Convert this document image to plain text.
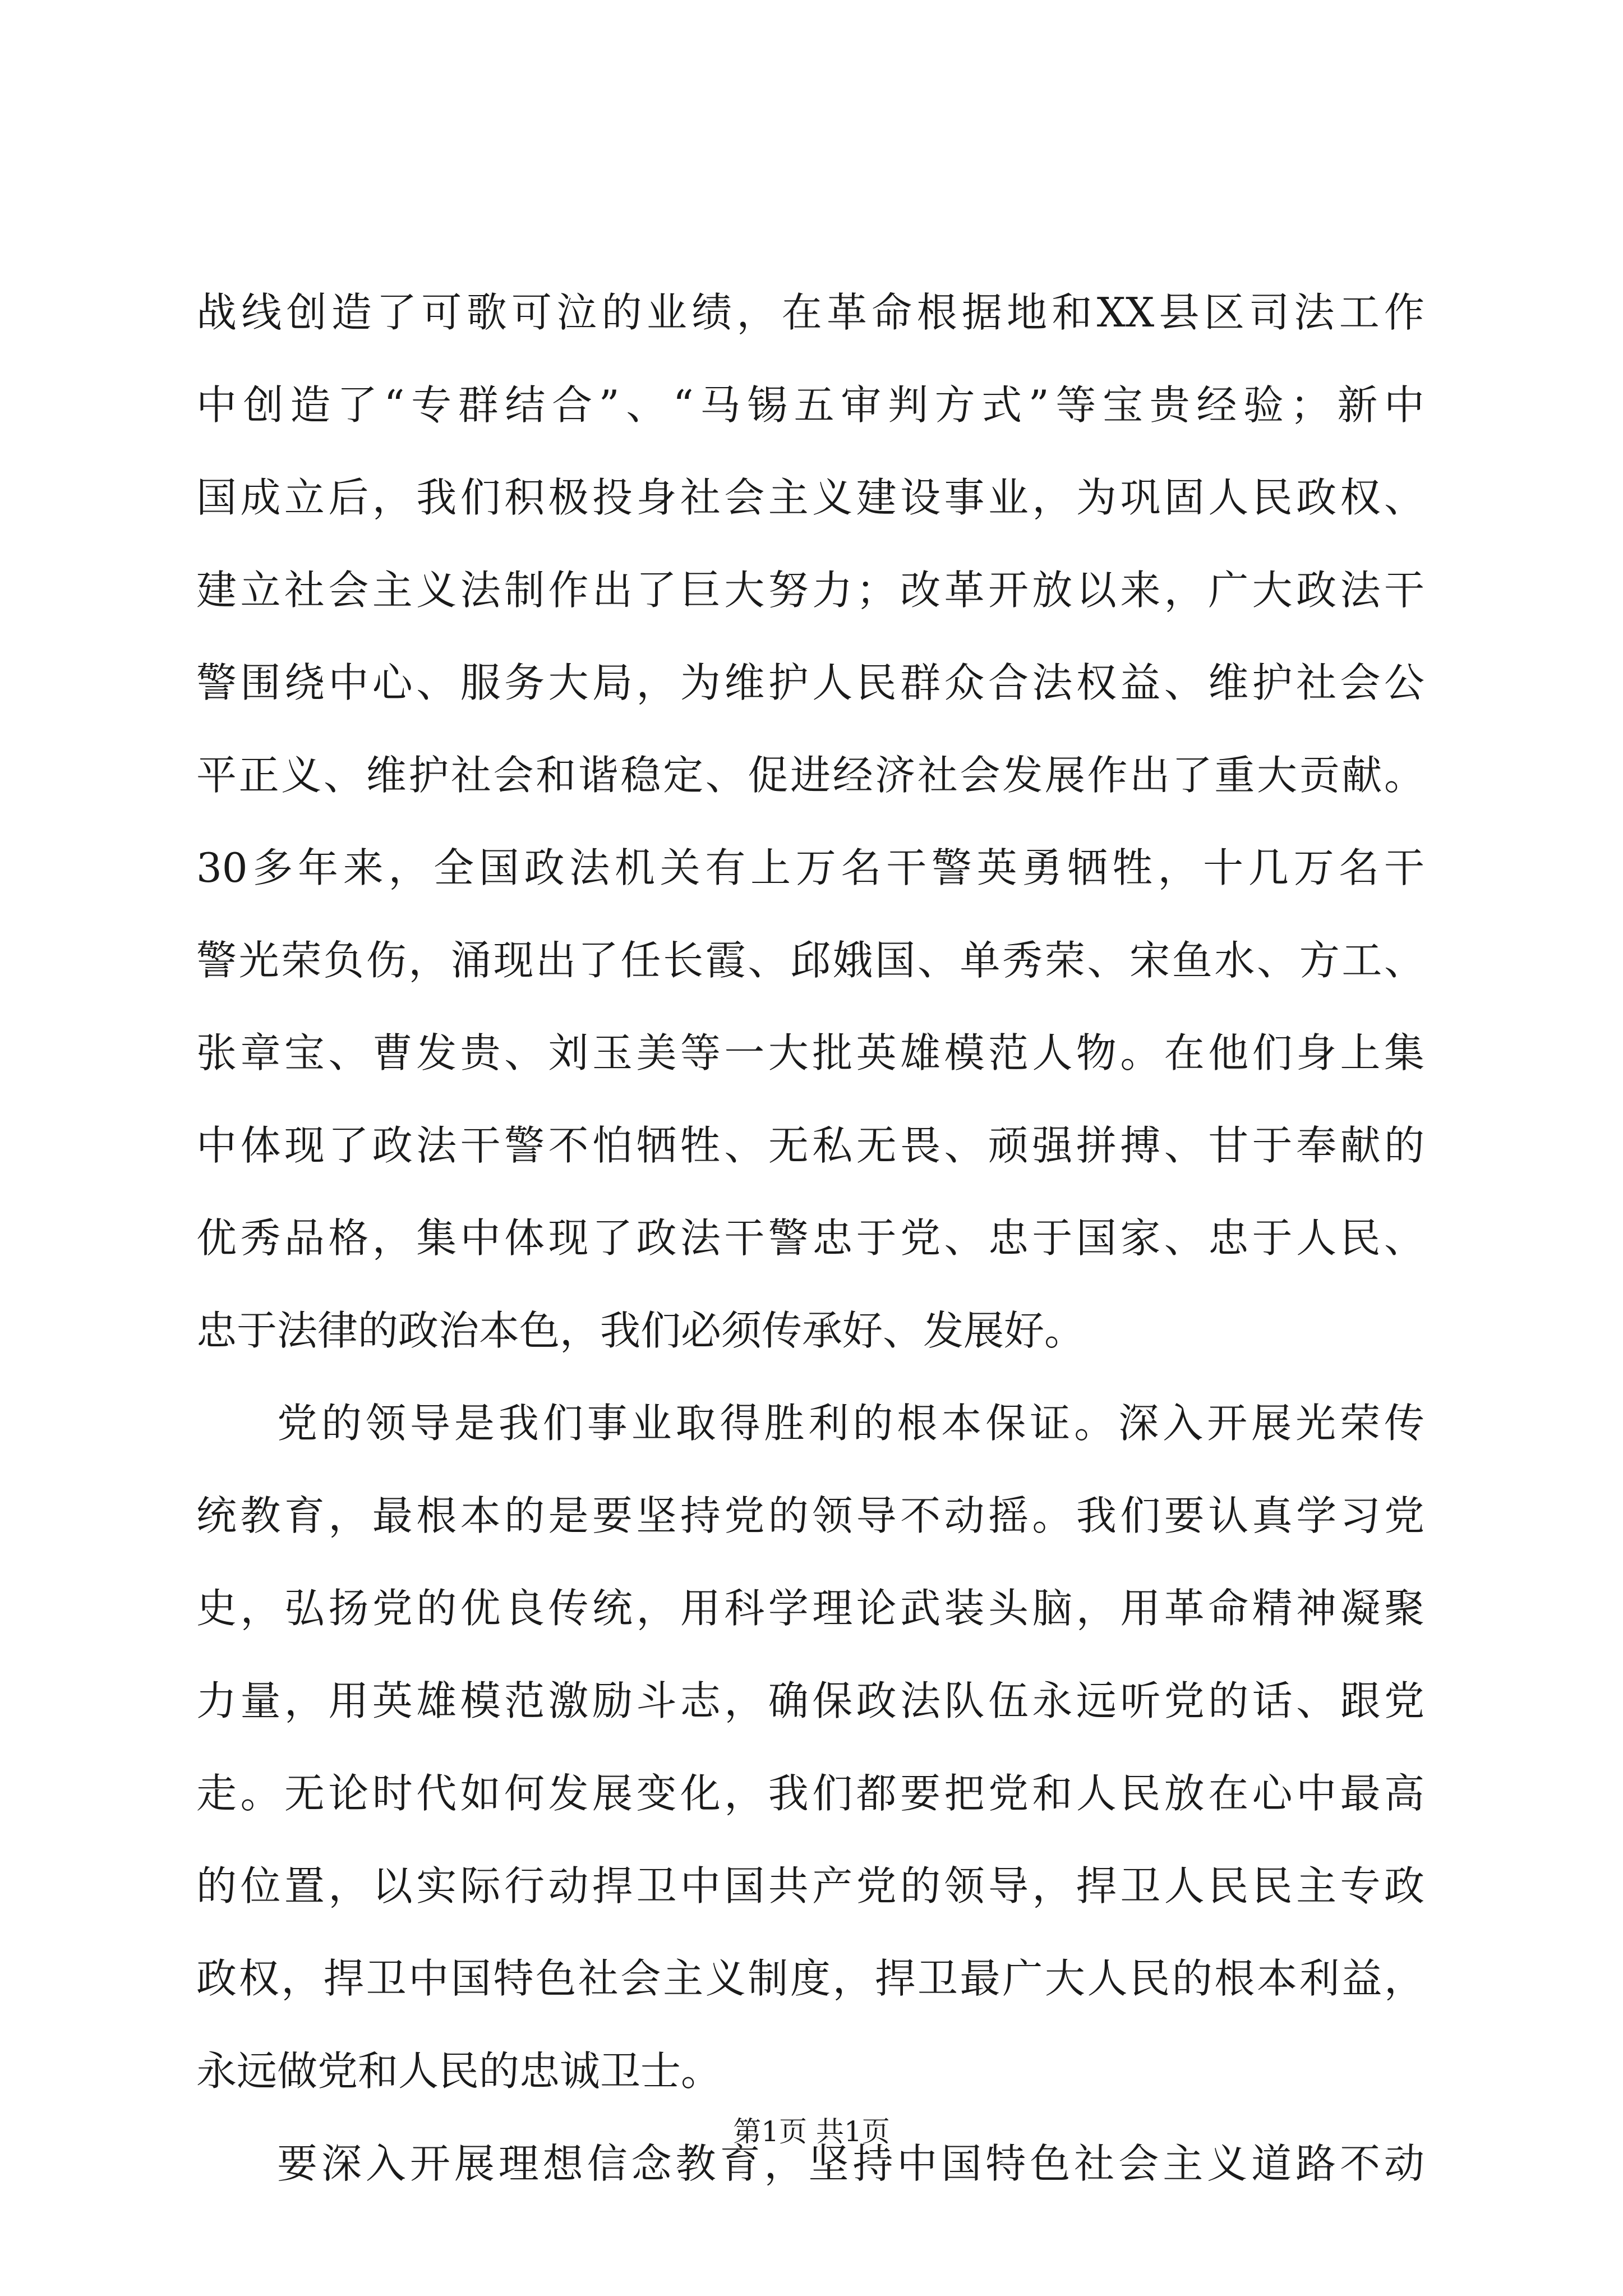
战线创造了可歌可泣的业绩，在革命根据地和XX县区司法工作
中创造了“专群结合”、“马锡五审判方式”等宝贵经验；新中
国成立后，我们积极投身社会主义建设事业，为巩固人民政权、
建立社会主义法制作出了巨大努力；改革开放以来，广大政法干
警围绕中心、服务大局，为维护人民群众合法权益、维护社会公
平正义、维护社会和谐稳定、促进经济社会发展作出了重大贡献。
30多年来，全国政法机关有上万名干警英勇牺牲，十几万名干
警光荣负伤，涌现出了任长霞、邱娥国、单秀荣、宋鱼水、方工、
张章宝、曹发贵、刘玉美等一大批英雄模范人物。在他们身上集
中体现了政法干警不怕牺牲、无私无畏、顽强拼搏、甘于奉献的
优秀品格，集中体现了政法干警忠于党、忠于国家、忠于人民、
忠于法律的政治本色，我们必须传承好、发展好。
党的领导是我们事业取得胜利的根本保证。深入开展光荣传
统教育，最根本的是要坚持党的领导不动摇。我们要认真学习党
史，弘扬党的优良传统，用科学理论武装头脑，用革命精神凝聚
力量，用英雄模范激励斗志，确保政法队伍永远听党的话、跟党
走。无论时代如何发展变化，我们都要把党和人民放在心中最高
的位置，以实际行动捍卫中国共产党的领导，捍卫人民民主专政
政权，捍卫中国特色社会主义制度，捍卫最广大人民的根本利益，
永远做党和人民的忠诚卫士。
要深入开展理想信念教育，坚持中国特色社会主义道路不动
第1页 共1页
